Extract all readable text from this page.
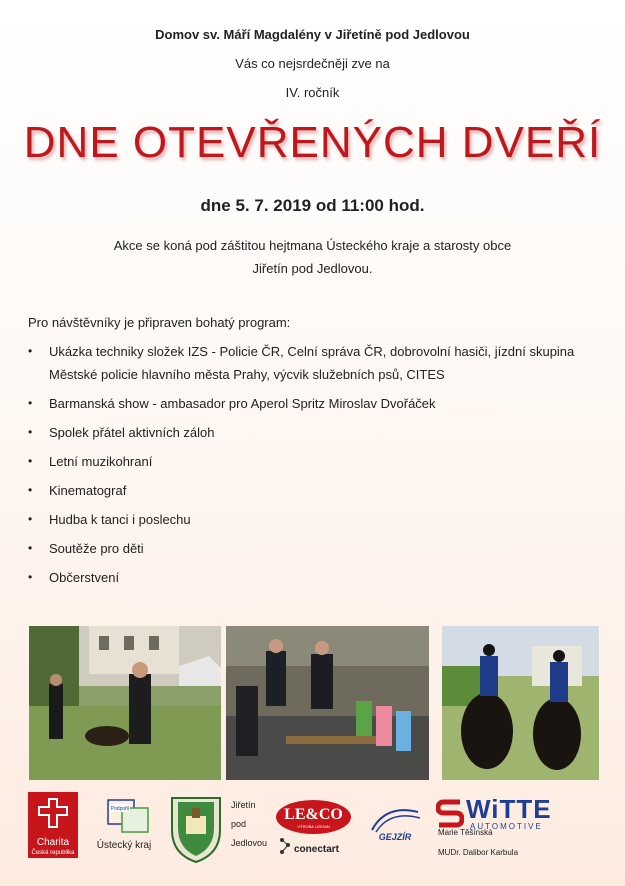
Domov sv. Máří Magdalény v Jiřetíně pod Jedlovou
Vás co nejsrdečněji zve na
IV. ročník
DNE OTEVŘENÝCH DVEŘÍ
dne 5. 7. 2019 od 11:00 hod.
Akce se koná pod záštitou hejtmana Ústeckého kraje a starosty obce
Jiřetín pod Jedlovou.
Pro návštěvníky je připraven bohatý program:
• Ukázka techniky složek IZS - Policie ČR, Celní správa ČR, dobrovolní hasiči, jízdní skupina Městské policie hlavního města Prahy, výcvik služebních psů, CITES
• Barmanská show - ambasador pro Aperol Spritz Miroslav Dvořáček
• Spolek přátel aktivních záloh
• Letní muzikohraní
• Kinematograf
• Hudba k tanci i poslechu
• Soutěže pro děti
• Občerstvení
Charita
Česká republika
Podpořil
Ústecký kraj
Jiřetín
pod
Jedlovou
LE&CO
VÝROBA UZENIN
conectart
GEJZÍR
WiTTE
AUTOMOTIVE
Marie Těšínská
MUDr. Dalibor Karbula
